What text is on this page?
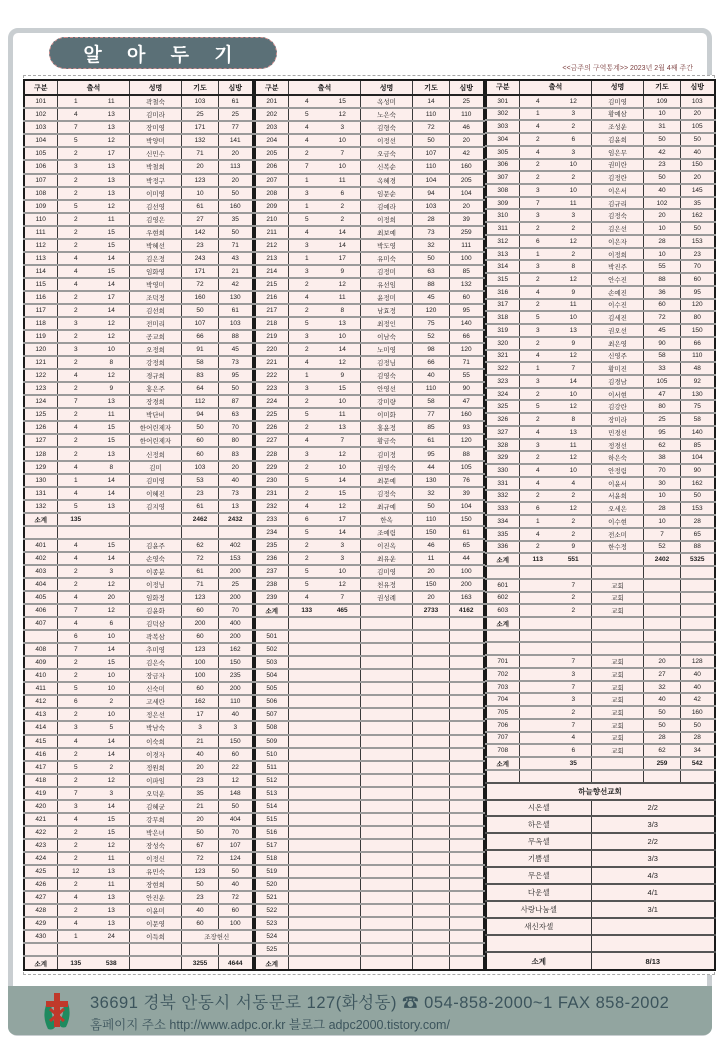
알 아 두 기
<<금주의 구역통계>> 2023년 2월 4째 주간
구분	출석	성명	기도	심방
101	1 11	곽철숙	103	61
102	4 13	김미라	25	25
103	7 13	장미영	171	77
104	5 12	박양미	132	141
105	2 17	신민수	71	20
106	3 13	박철희	20	113
107	2 13	박정구	123	20
108	2 13	이미영	10	50
109	5 12	김선영	61	160
110	2 11	김영은	27	35
111	2 15	우현희	142	50
112	2 15	박혜선	23	71
113	4 14	김은정	243	43
114	4 15	임화영	171	21
115	4 14	박영미	72	42
116	2 17	조덕정	160	130
117	2 14	김선희	50	61
118	3 12	전미리	107	103
119	2 12	공교희	66	88
120	3 10	오정희	91	45
121	2 8	강정희	58	73
122	4 12	경규희	83	95
123	2 9	홍은주	64	50
124	7 13	장경희	112	87
125	2 11	박단비	94	63
126	4 15	한어린제자	50	70
127	2 15	한어린제자	60	80
128	2 13	신정희	60	83
129	4 8	김미	103	20
130	1 14	김미영	53	40
131	4 14	이혜진	23	73
132	5 13	김지영	61	13
소계	135		2462	2432

401	4 15	김윤주	62	402
402	4 14	손영숙	72	153
403	2 3	이종분	61	200
404	2 12	이정님	71	25
405	4 20	임화정	123	200
406	7 12	김윤화	60	70
407	4 6	김덕삼	200	400
	6 10	곽복삼	60	200
408	7 14	추미영	123	162
409	2 15	김은숙	100	150
410	2 10	장금자	100	235
411	5 10	신숙미	60	200
412	6 2	고세란	162	110
413	2 10	정은선	17	40
414	3 5	박남숙	3	3
415	4 14	이숙희	21	150
416	2 14	이경자	40	60
417	5 2	정원희	20	22
418	2 12	이파임	23	12
419	7 3	오덕운	35	148
420	3 14	김혜균	21	50
421	4 15	강무희	20	404
422	2 15	박은녀	50	70
423	2 12	장성숙	67	107
424	2 11	이정신	72	124
425	12 13	유민숙	123	50
426	2 11	장현희	50	40
427	4 13	안진운	23	72
428	2 13	이윤미	40	60
429	4 13	이문영	60	100
430	1 24	이득희	조장헌신	

소계	135 538		3255	4644
구분	출석	성명	기도	심방
201	4 15	옥성미	14	25
202	5 12	노은숙	110	110
203	4 3	김형숙	72	46
204	4 10	이정선	50	20
205	2 7	오금숙	107	42
206	7 10	신복순	110	160
207	1 11	옥혜경	104	205
208	3 6	임문순	94	104
209	1 2	김예라	103	20
210	5 2	이정희	28	39
211	4 14	최보예	73	259
212	3 14	박도영	32	111
213	1 17	유미숙	50	100
214	3 9	김정미	63	85
215	2 12	유선임	88	132
216	4 11	윤정미	45	60
217	2 8	남효정	120	95
218	5 13	최정인	75	140
219	3 10	이남숙	52	66
220	2 14	노미영	98	120
221	4 12	김정님	66	71
222	1 9	김영숙	40	55
223	3 15	안영선	110	90
224	2 10	강미량	58	47
225	5 11	이미화	77	160
226	2 13	홍윤정	85	93
227	4 7	황금숙	61	120
228	3 12	김미정	95	88
229	2 10	권영숙	44	105
230	5 14	최문예	130	76
231	2 15	김정숙	32	39
232	4 12	최규예	50	104
233	6 17	한옥	110	150
234	5 14	조예림	150	61
235	2 3	이진옥	46	65
236	2 3	최유운	11	44
237	5 10	김미영	20	100
238	5 12	천유정	150	200
239	4 7	권성례	20	163
소계	133 465		2733	4162

501				
502				
503				
504				
505				
506				
507				
508				
509				
510				
511				
512				
513				
514				
515				
516				
517				
518				
519				
520				
521				
522				
523				
524				
525				
소계				
구분	출석	성명	기도	심방
301	4 12	김미영	109	103
302	1 3	황예삼	10	20
303	4 2	조성운	31	105
304	2 6	김윤희	50	50
305	4 3	임은무	42	40
306	2 10	권미란	23	150
307	2 2	김정란	50	20
308	3 10	이은서	40	145
309	7 11	김규리	102	35
310	3 3	김정숙	20	162
311	2 2	김은선	10	50
312	6 12	이은자	28	153
313	1 2	이정희	10	23
314	3 8	박진주	55	70
315	2 12	안수진	88	60
316	4 9	손예진	36	95
317	2 11	이수진	60	120
318	5 10	김세진	72	80
319	3 13	권오선	45	150
320	2 9	최은영	90	66
321	4 12	신영주	58	110
322	1 7	황미진	33	48
323	3 14	김경남	105	92
324	2 10	이서현	47	130
325	5 12	김강란	80	75
326	2 8	장미라	25	58
327	4 13	민경선	95	140
328	3 11	정경선	62	85
329	2 12	하은숙	38	104
330	4 10	안정림	70	90
331	4 4	이윤서	30	162
332	2 2	서윤희	10	50
333	6 12	오세은	28	153
334	1 2	이수현	10	28
335	4 2	전소미	7	65
336	2 9	한수정	52	88
소계	113 551		2402	5325

601	7	교회		
602	2	교회		
603	2	교회		
소계				

701	7	교회	20	128
702	3	교회	27	40
703	7	교회	32	40
704	3	교회	40	42
705	2	교회	50	160
706	7	교회	50	50
707	4	교회	28	28
708	6	교회	62	34
소계	35		259	542

하늘향선교회				
시온셀		2/2		
하은셀		3/3		
무옥셀		2/2		
기쁨셀		3/3		
무은셀		4/3		
다운셀		4/1		
사랑나눔셀		3/1		
새신자셀				

소계		8/13		
36691 경북 안동시 서동문로 127(화성동) ☎ 054-858-2000~1 FAX 858-2002
홈페이지 주소 http://www.adpc.or.kr 블로그 adpc2000.tistory.com/
